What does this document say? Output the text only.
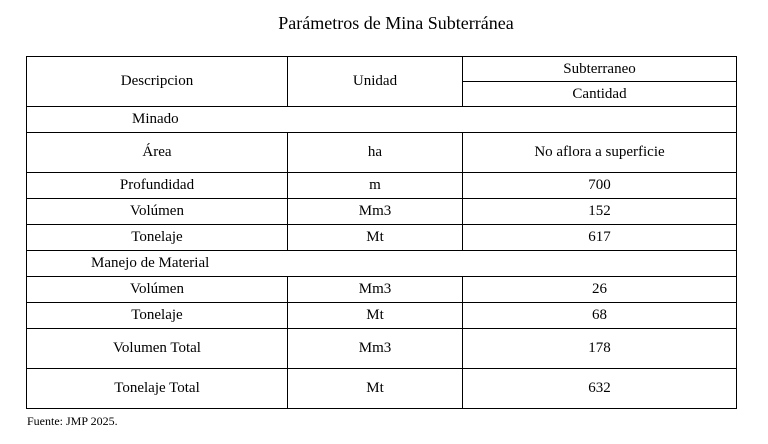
Parámetros de Mina Subterránea
Descripcion	Unidad	Subterraneo
		Cantidad
Minado		
Área	ha	No aflora a superficie
Profundidad	m	700
Volúmen	Mm3	152
Tonelaje	Mt	617
Manejo de Material		
Volúmen	Mm3	26
Tonelaje	Mt	68
Volumen Total	Mm3	178
Tonelaje Total	Mt	632
Fuente: JMP 2025.
